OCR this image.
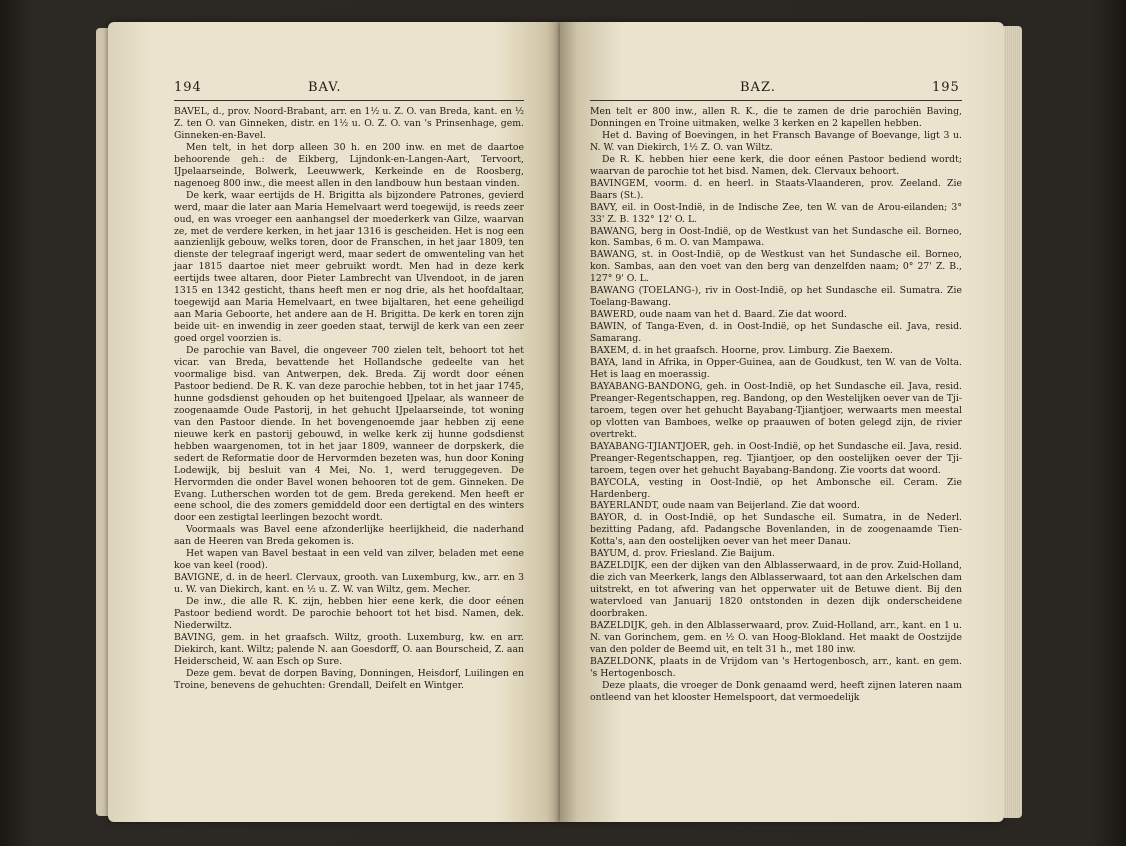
194	BAV.

BAVEL, d., prov. Noord-Brabant, arr. en 1½ u. Z. O. van Breda, kant. en ½ Z. ten O. van Ginneken, distr. en 1½ u. O. Z. O. van 's Prinsenhage, gem. Ginneken-en-Bavel.

Men telt, in het dorp alleen 30 h. en 200 inw. en met de daartoe behoorende geh.: de Eikberg, Lijndonk-en-Langen-Aart, Tervoort, IJpelaarseinde, Bolwerk, Leeuwwerk, Kerkeinde en de Roosberg, nagenoeg 800 inw., die meest allen in den landbouw hun bestaan vinden.

De kerk, waar eertijds de H. Brigitta als bijzondere Patrones, gevierd werd, maar die later aan Maria Hemelvaart werd toegewijd, is reeds zeer oud, en was vroeger een aanhangsel der moederkerk van Gilze, waarvan ze, met de verdere kerken, in het jaar 1316 is gescheiden. Het is nog een aanzienlijk gebouw, welks toren, door de Franschen, in het jaar 1809, ten dienste der telegraaf ingerigt werd, maar sedert de omwenteling van het jaar 1815 daartoe niet meer gebruikt wordt. Men had in deze kerk eertijds twee altaren, door Pieter Lambrecht van Ulvendoot, in de jaren 1315 en 1342 gesticht, thans heeft men er nog drie, als het hoofdaltaar, toegewijd aan Maria Hemelvaart, en twee bijaltaren, het eene geheiligd aan Maria Geboorte, het andere aan de H. Brigitta. De kerk en toren zijn beide uit- en inwendig in zeer goeden staat, terwijl de kerk van een zeer goed orgel voorzien is.

De parochie van Bavel, die ongeveer 700 zielen telt, behoort tot het vicar. van Breda, bevattende het Hollandsche gedeelte van het voormalige bisd. van Antwerpen, dek. Breda. Zij wordt door eénen Pastoor bediend. De R. K. van deze parochie hebben, tot in het jaar 1745, hunne godsdienst gehouden op het buitengoed IJpelaar, als wanneer de zoogenaamde Oude Pastorij, in het gehucht IJpelaarseinde, tot woning van den Pastoor diende. In het bovengenoemde jaar hebben zij eene nieuwe kerk en pastorij gebouwd, in welke kerk zij hunne godsdienst hebben waargenomen, tot in het jaar 1809, wanneer de dorpskerk, die sedert de Reformatie door de Hervormden bezeten was, hun door Koning Lodewijk, bij besluit van 4 Mei, No. 1, werd teruggegeven. De Hervormden die onder Bavel wonen behooren tot de gem. Ginneken. De Evang. Lutherschen worden tot de gem. Breda gerekend. Men heeft er eene school, die des zomers gemiddeld door een dertigtal en des winters door een zestigtal leerlingen bezocht wordt.

Voormaals was Bavel eene afzonderlijke heerlijkheid, die naderhand aan de Heeren van Breda gekomen is.

Het wapen van Bavel bestaat in een veld van zilver, beladen met eene koe van keel (rood).

BAVIGNE, d. in de heerl. Clervaux, grooth. van Luxemburg, kw., arr. en 3 u. W. van Diekirch, kant. en ½ u. Z. W. van Wiltz, gem. Mecher.

De inw., die alle R. K. zijn, hebben hier eene kerk, die door eénen Pastoor bediend wordt. De parochie behoort tot het bisd. Namen, dek. Niederwiltz.

BAVING, gem. in het graafsch. Wiltz, grooth. Luxemburg, kw. en arr. Diekirch, kant. Wiltz; palende N. aan Goesdorff, O. aan Bourscheid, Z. aan Heiderscheid, W. aan Esch op Sure.

Deze gem. bevat de dorpen Baving, Donningen, Heisdorf, Luilingen en Troine, benevens de gehuchten: Grendall, Deifelt en Wintger.

BAZ.	195

Men telt er 800 inw., allen R. K., die te zamen de drie parochiën Baving, Donningen en Troine uitmaken, welke 3 kerken en 2 kapellen hebben.

Het d. Baving of Boevingen, in het Fransch Bavange of Boevange, ligt 3 u. N. W. van Diekirch, 1½ Z. O. van Wiltz.

De R. K. hebben hier eene kerk, die door eénen Pastoor bediend wordt; waarvan de parochie tot het bisd. Namen, dek. Clervaux behoort.

BAVINGEM, voorm. d. en heerl. in Staats-Vlaanderen, prov. Zeeland. Zie Baars (St.).

BAVY, eil. in Oost-Indië, in de Indische Zee, ten W. van de Arou-eilanden; 3° 33' Z. B. 132° 12' O. L.

BAWANG, berg in Oost-Indië, op de Westkust van het Sundasche eil. Borneo, kon. Sambas, 6 m. O. van Mampawa.

BAWANG, st. in Oost-Indië, op de Westkust van het Sundasche eil. Borneo, kon. Sambas, aan den voet van den berg van denzelfden naam; 0° 27' Z. B., 127° 9' O. L.

BAWANG (TOELANG-), riv in Oost-Indië, op het Sundasche eil. Sumatra. Zie Toelang-Bawang.

BAWERD, oude naam van het d. Baard. Zie dat woord.

BAWIN, of Tanga-Even, d. in Oost-Indië, op het Sundasche eil. Java, resid. Samarang.

BAXEM, d. in het graafsch. Hoorne, prov. Limburg. Zie Baexem.

BAYA, land in Afrika, in Opper-Guinea, aan de Goudkust, ten W. van de Volta. Het is laag en moerassig.

BAYABANG-BANDONG, geh. in Oost-Indië, op het Sundasche eil. Java, resid. Preanger-Regentschappen, reg. Bandong, op den Westelijken oever van de Tji-taroem, tegen over het gehucht Bayabang-Tjiantjoer, werwaarts men meestal op vlotten van Bamboes, welke op praauwen of boten gelegd zijn, de rivier overtrekt.

BAYABANG-TJIANTJOER, geh. in Oost-Indië, op het Sundasche eil. Java, resid. Preanger-Regentschappen, reg. Tjiantjoer, op den oostelijken oever der Tji-taroem, tegen over het gehucht Bayabang-Bandong. Zie voorts dat woord.

BAYCOLA, vesting in Oost-Indië, op het Ambonsche eil. Ceram. Zie Hardenberg.

BAYERLANDT, oude naam van Beijerland. Zie dat woord.

BAYOR, d. in Oost-Indië, op het Sundasche eil. Sumatra, in de Nederl. bezitting Padang, afd. Padangsche Bovenlanden, in de zoogenaamde Tien-Kotta's, aan den oostelijken oever van het meer Danau.

BAYUM, d. prov. Friesland. Zie Baijum.

BAZELDIJK, een der dijken van den Alblasserwaard, in de prov. Zuid-Holland, die zich van Meerkerk, langs den Alblasserwaard, tot aan den Arkelschen dam uitstrekt, en tot afwering van het opperwater uit de Betuwe dient. Bij den watervloed van Januarij 1820 ontstonden in dezen dijk onderscheidene doorbraken.

BAZELDIJK, geh. in den Alblasserwaard, prov. Zuid-Holland, arr., kant. en 1 u. N. van Gorinchem, gem. en ½ O. van Hoog-Blokland. Het maakt de Oostzijde van den polder de Beemd uit, en telt 31 h., met 180 inw.

BAZELDONK, plaats in de Vrijdom van 's Hertogenbosch, arr., kant. en gem. 's Hertogenbosch.

Deze plaats, die vroeger de Donk genaamd werd, heeft zijnen lateren naam ontleend van het klooster Hemelspoort, dat vermoedelijk
